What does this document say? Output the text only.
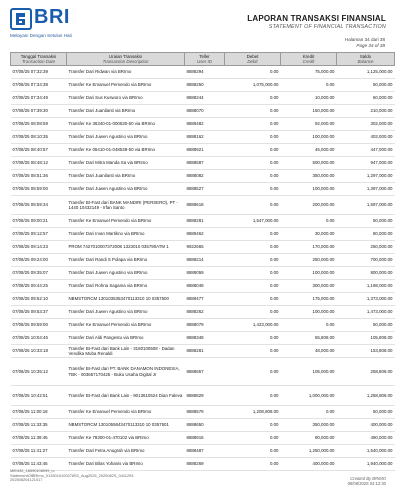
BRI
Melayani Dengan Setulus Hati
LAPORAN TRANSAKSI FINANSIAL
STATEMENT OF FINANCIAL TRANSACTION
Halaman 34 dari 38
Page 34 of 38
Tanggal Transaksi
Transaction Date	Uraian Transaksi
Transaction Description	Teller
User ID	Debet
Debit	Kredit
Credit	Saldo
Balance

07/08/25 07:32:39	Transfer Dari Ridwan via BRImo	8888294	0.00	75,000.00	1,125,000.00
07/08/25 07:34:38	Transfer Ke Emanuel Pemendo via BRImo	8888250	1,075,000.00	0.00	50,000.00
07/08/25 07:34:49	Transfer Dari Sus Kusworo via BRImo	8888244	0.00	10,000.00	60,000.00
07/08/25 07:39:30	Transfer Dari Juanilanti via BRImo	8888070	0.00	150,000.00	210,000.00
07/08/25 08:08:59	Transfer Ke 36340-01-000530-50 via BRImo	8889482	0.00	92,000.00	302,000.00
07/08/25 08:10:35	Transfer Dari Juwen Agustino via BRImo	8888162	0.00	100,000.00	402,000.00
07/08/25 08:40:57	Transfer Ke 06410-01-048538-50 via BRImo	8888921	0.00	45,000.00	447,000.00
07/08/25 08:48:12	Transfer Dari Mitra Manda Sa via BRImo	8888587	0.00	500,000.00	947,000.00
07/08/25 08:51:36	Transfer Dari Juanilanti via BRImo	8888082	0.00	350,000.00	1,297,000.00
07/08/25 08:59:00	Transfer Dari Juwen Agustino via BRImo	8888527	0.00	100,000.00	1,397,000.00
07/08/25 08:59:34	Transfer BI-Fast dari BANK MANDIRI (PERSERO), PT - 1440 10432149 - Irfan Santo	8889618	0.00	200,000.00	1,597,000.00
07/08/25 09:00:21	Transfer Ke Emanuel Pemendo via BRImo	8888281	1,547,000.00	0.00	50,000.00
07/08/25 09:12:57	Transfer Dari Irvan Martikno via BRImo	8889462	0.00	30,000.00	80,000.00
07/08/25 09:14:23	PROM 7427010007372008 1323010 035790ATM 1	9922665	0.00	170,000.00	250,000.00
07/08/25 09:24:00	Transfer Dari Randi S Polapa via BRImo	8888214	0.00	250,000.00	700,000.00
07/08/25 09:35:07	Transfer Dari Juwen Agustino via BRImo	8889059	0.00	100,000.00	800,000.00
07/08/25 09:44:25	Transfer Dari Rohna Sagama via BRImo	8888048	0.00	300,000.00	1,198,000.00
07/08/25 09:52:10	NBMSTORCM 1301035353470113310 10 0357500	8889477	0.00	175,000.00	1,373,000.00
07/08/25 09:53:37	Transfer Dari Juwen Agustino via BRImo	8888262	0.00	100,000.00	1,473,000.00
07/08/25 09:59:00	Transfer Ke Emanuel Pemendo via BRImo	8888079	1,423,000.00	0.00	50,000.00
07/08/25 10:04:45	Transfer Dari Aldi Pangestu via BRImo	8888348	0.00	55,808.00	105,808.00
07/08/25 10:33:18	Transfer BI-Fast dari Bank Lain - 3180100508 - Dadan Vendika Muba Renaldi	8888281	0.00	48,000.00	153,808.00
07/08/25 10:35:12	Transfer BI-Fast dari PT. BANK DANAMON INDONESIA, TBK - 003657170425 - Buku Usaha Digital Jr	8888657	0.00	105,000.00	258,808.00
07/08/25 10:42:51	Transfer BI-Fast dari Bank Lain - 9013610524 Dian Faleva	8888829	0.00	1,000,000.00	1,258,808.00
07/08/25 11:00:18	Transfer Ke Emanuel Pemendo via BRImo	8888579	1,208,808.00	0.00	50,000.00
07/08/25 11:33:35	NBMSTORCM 1301055843470113310 10 0357501	8888650	0.00	350,000.00	400,000.00
07/08/25 11:39:45	Transfer Ke 78300-01-470102 via BRImo	8888915	0.00	90,000.00	490,000.00
07/08/25 11:41:27	Transfer Dari Fetra Anugrah via BRImo	8888487	0.00	1,250,000.00	1,540,000.00
07/08/25 11:43:45	Transfer Dari Bilas Yohanis via BRImo	8888269	0.00	400,000.00	1,940,000.00
MIE432_16590108099_n-StatementOfBRImo_0133010100378S0_Aug2025_2025082S_0411293 202508204121017	Created By BRIMO
08/08/2025 04:12:30
